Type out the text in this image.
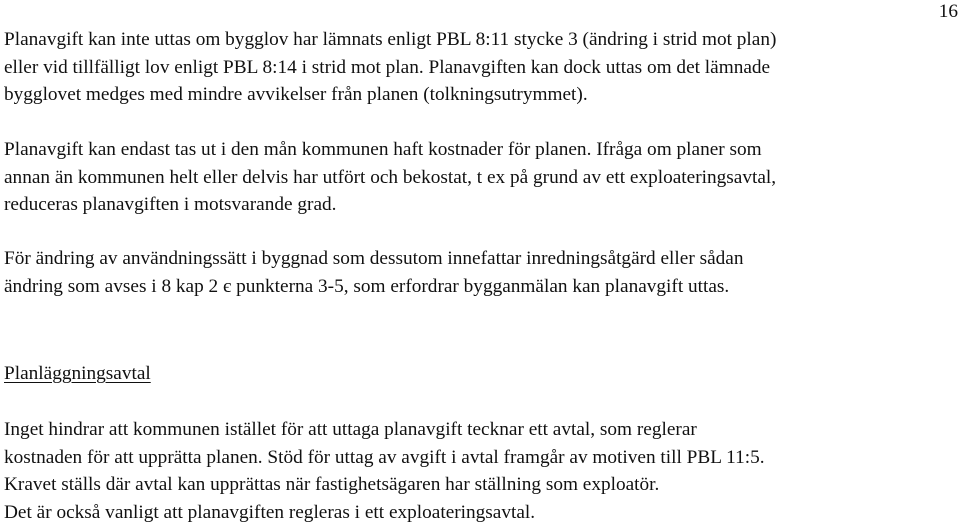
16

Planavgift kan inte uttas om bygglov har lämnats enligt PBL 8:11 stycke 3 (ändring i strid mot plan)
eller vid tillfälligt lov enligt PBL 8:14 i strid mot plan. Planavgiften kan dock uttas om det lämnade
bygglovet medges med mindre avvikelser från planen (tolkningsutrymmet).

Planavgift kan endast tas ut i den mån kommunen haft kostnader för planen. Ifråga om planer som
annan än kommunen helt eller delvis har utfört och bekostat, t ex på grund av ett exploateringsavtal,
reduceras planavgiften i motsvarande grad.

För ändring av användningssätt i byggnad som dessutom innefattar inredningsåtgärd eller sådan
ändring som avses i 8 kap 2 є punkterna 3-5, som erfordrar bygganmälan kan planavgift uttas.

Planläggningsavtal

Inget hindrar att kommunen istället för att uttaga planavgift tecknar ett avtal, som reglerar
kostnaden för att upprätta planen. Stöd för uttag av avgift i avtal framgår av motiven till PBL 11:5.
Kravet ställs där avtal kan upprättas när fastighetsägaren har ställning som exploatör.
Det är också vanligt att planavgiften regleras i ett exploateringsavtal.
